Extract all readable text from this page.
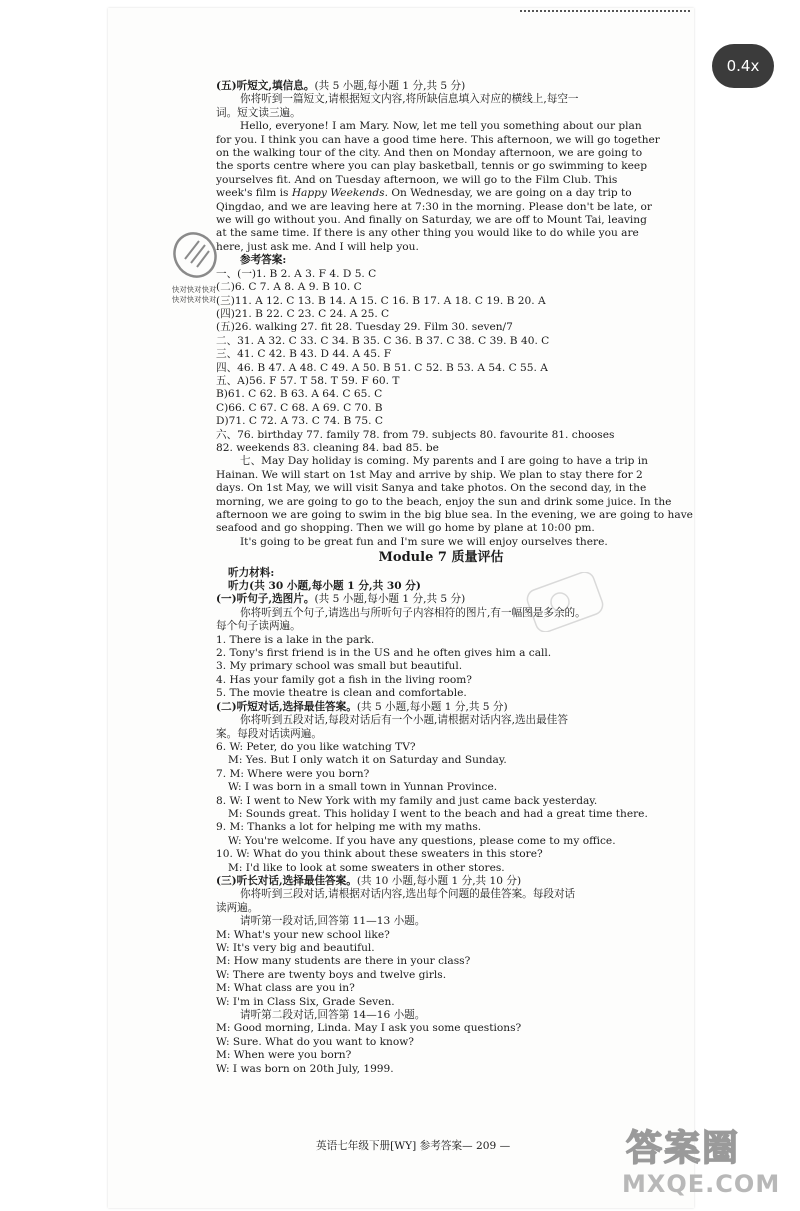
0.4x
快对快对快对
快对快对快对
(五)听短文,填信息。(共 5 小题,每小题 1 分,共 5 分)
你将听到一篇短文,请根据短文内容,将所缺信息填入对应的横线上,每空一
词。短文读三遍。
Hello, everyone! I am Mary. Now, let me tell you something about our plan
for you. I think you can have a good time here. This afternoon, we will go together
on the walking tour of the city. And then on Monday afternoon, we are going to
the sports centre where you can play basketball, tennis or go swimming to keep
yourselves fit. And on Tuesday afternoon, we will go to the Film Club. This
week's film is Happy Weekends. On Wednesday, we are going on a day trip to
Qingdao, and we are leaving here at 7:30 in the morning. Please don't be late, or
we will go without you. And finally on Saturday, we are off to Mount Tai, leaving
at the same time. If there is any other thing you would like to do while you are
here, just ask me. And I will help you.
参考答案:
一、(一)1. B 2. A 3. F 4. D 5. C
(二)6. C 7. A 8. A 9. B 10. C
(三)11. A 12. C 13. B 14. A 15. C 16. B 17. A 18. C 19. B 20. A
(四)21. B 22. C 23. C 24. A 25. C
(五)26. walking 27. fit 28. Tuesday 29. Film 30. seven/7
二、31. A 32. C 33. C 34. B 35. C 36. B 37. C 38. C 39. B 40. C
三、41. C 42. B 43. D 44. A 45. F
四、46. B 47. A 48. C 49. A 50. B 51. C 52. B 53. A 54. C 55. A
五、A)56. F 57. T 58. T 59. F 60. T
B)61. C 62. B 63. A 64. C 65. C
C)66. C 67. C 68. A 69. C 70. B
D)71. C 72. A 73. C 74. B 75. C
六、76. birthday 77. family 78. from 79. subjects 80. favourite 81. chooses
82. weekends 83. cleaning 84. bad 85. be
七、May Day holiday is coming. My parents and I are going to have a trip in
Hainan. We will start on 1st May and arrive by ship. We plan to stay there for 2
days. On 1st May, we will visit Sanya and take photos. On the second day, in the
morning, we are going to go to the beach, enjoy the sun and drink some juice. In the
afternoon we are going to swim in the big blue sea. In the evening, we are going to have
seafood and go shopping. Then we will go home by plane at 10:00 pm.
It's going to be great fun and I'm sure we will enjoy ourselves there.
Module 7 质量评估
听力材料:
听力(共 30 小题,每小题 1 分,共 30 分)
(一)听句子,选图片。(共 5 小题,每小题 1 分,共 5 分)
你将听到五个句子,请选出与所听句子内容相符的图片,有一幅图是多余的。
每个句子读两遍。
1. There is a lake in the park.
2. Tony's first friend is in the US and he often gives him a call.
3. My primary school was small but beautiful.
4. Has your family got a fish in the living room?
5. The movie theatre is clean and comfortable.
(二)听短对话,选择最佳答案。(共 5 小题,每小题 1 分,共 5 分)
你将听到五段对话,每段对话后有一个小题,请根据对话内容,选出最佳答
案。每段对话读两遍。
6. W: Peter, do you like watching TV?
M: Yes. But I only watch it on Saturday and Sunday.
7. M: Where were you born?
W: I was born in a small town in Yunnan Province.
8. W: I went to New York with my family and just came back yesterday.
M: Sounds great. This holiday I went to the beach and had a great time there.
9. M: Thanks a lot for helping me with my maths.
W: You're welcome. If you have any questions, please come to my office.
10. W: What do you think about these sweaters in this store?
M: I'd like to look at some sweaters in other stores.
(三)听长对话,选择最佳答案。(共 10 小题,每小题 1 分,共 10 分)
你将听到三段对话,请根据对话内容,选出每个问题的最佳答案。每段对话
读两遍。
请听第一段对话,回答第 11—13 小题。
M: What's your new school like?
W: It's very big and beautiful.
M: How many students are there in your class?
W: There are twenty boys and twelve girls.
M: What class are you in?
W: I'm in Class Six, Grade Seven.
请听第二段对话,回答第 14—16 小题。
M: Good morning, Linda. May I ask you some questions?
W: Sure. What do you want to know?
M: When were you born?
W: I was born on 20th July, 1999.
英语七年级下册[WY] 参考答案— 209 —	答案圈
MXQE.COM
